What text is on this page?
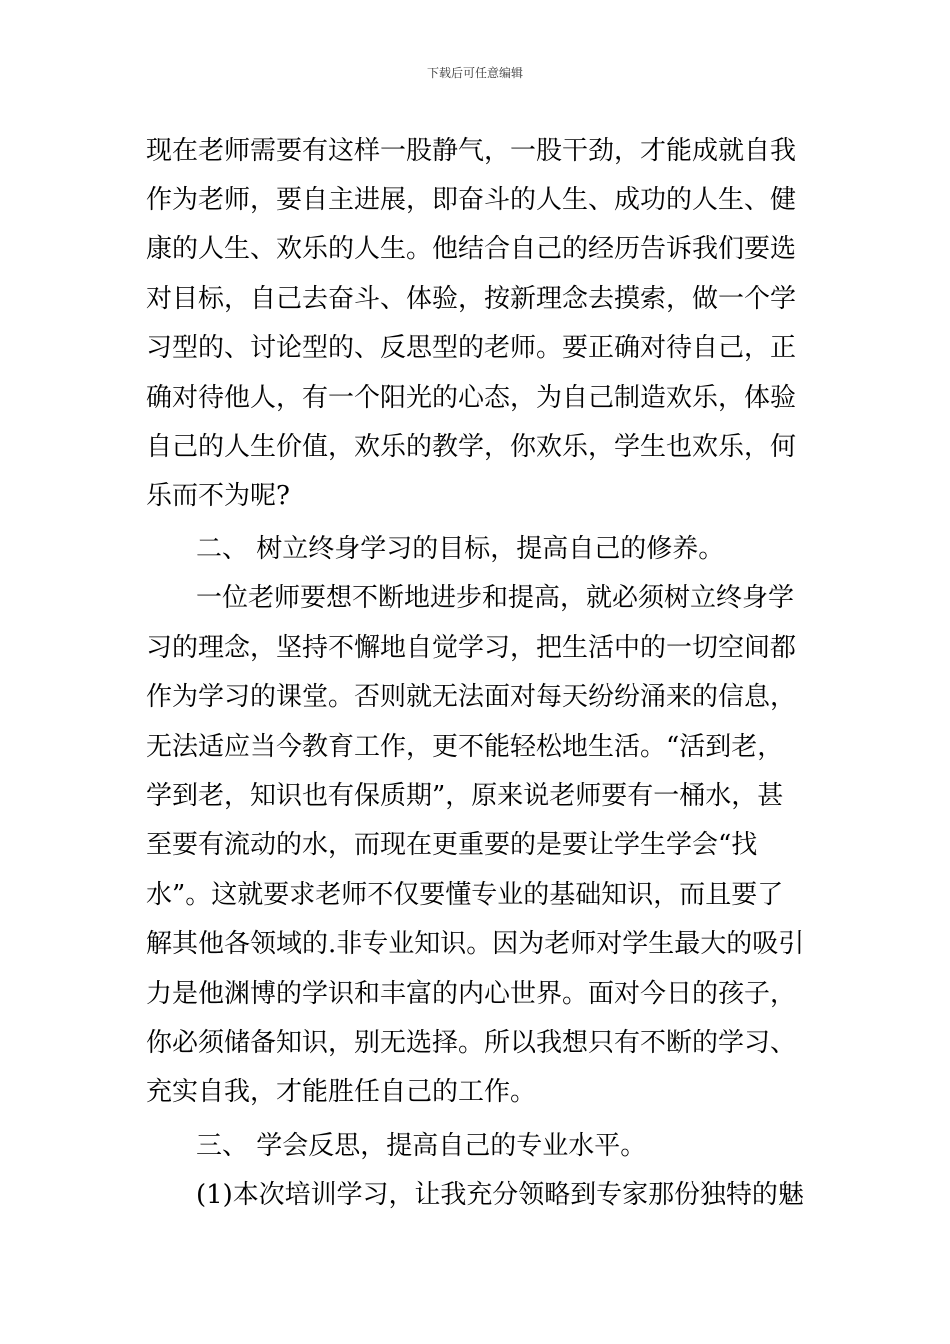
下载后可任意编辑
现在老师需要有这样一股静气，一股干劲，才能成就自我
作为老师，要自主进展，即奋斗的人生、成功的人生、健
康的人生、欢乐的人生。他结合自己的经历告诉我们要选
对目标，自己去奋斗、体验，按新理念去摸索，做一个学
习型的、讨论型的、反思型的老师。要正确对待自己，正
确对待他人，有一个阳光的心态，为自己制造欢乐，体验
自己的人生价值，欢乐的教学，你欢乐，学生也欢乐，何
乐而不为呢?
二、 树立终身学习的目标，提高自己的修养。
一位老师要想不断地进步和提高，就必须树立终身学
习的理念，坚持不懈地自觉学习，把生活中的一切空间都
作为学习的课堂。否则就无法面对每天纷纷涌来的信息，
无法适应当今教育工作，更不能轻松地生活。“活到老，
学到老，知识也有保质期”，原来说老师要有一桶水，甚
至要有流动的水，而现在更重要的是要让学生学会“找
水”。这就要求老师不仅要懂专业的基础知识，而且要了
解其他各领域的.非专业知识。因为老师对学生最大的吸引
力是他渊博的学识和丰富的内心世界。面对今日的孩子，
你必须储备知识，别无选择。所以我想只有不断的学习、
充实自我，才能胜任自己的工作。
三、 学会反思，提高自己的专业水平。
(1)本次培训学习，让我充分领略到专家那份独特的魅
